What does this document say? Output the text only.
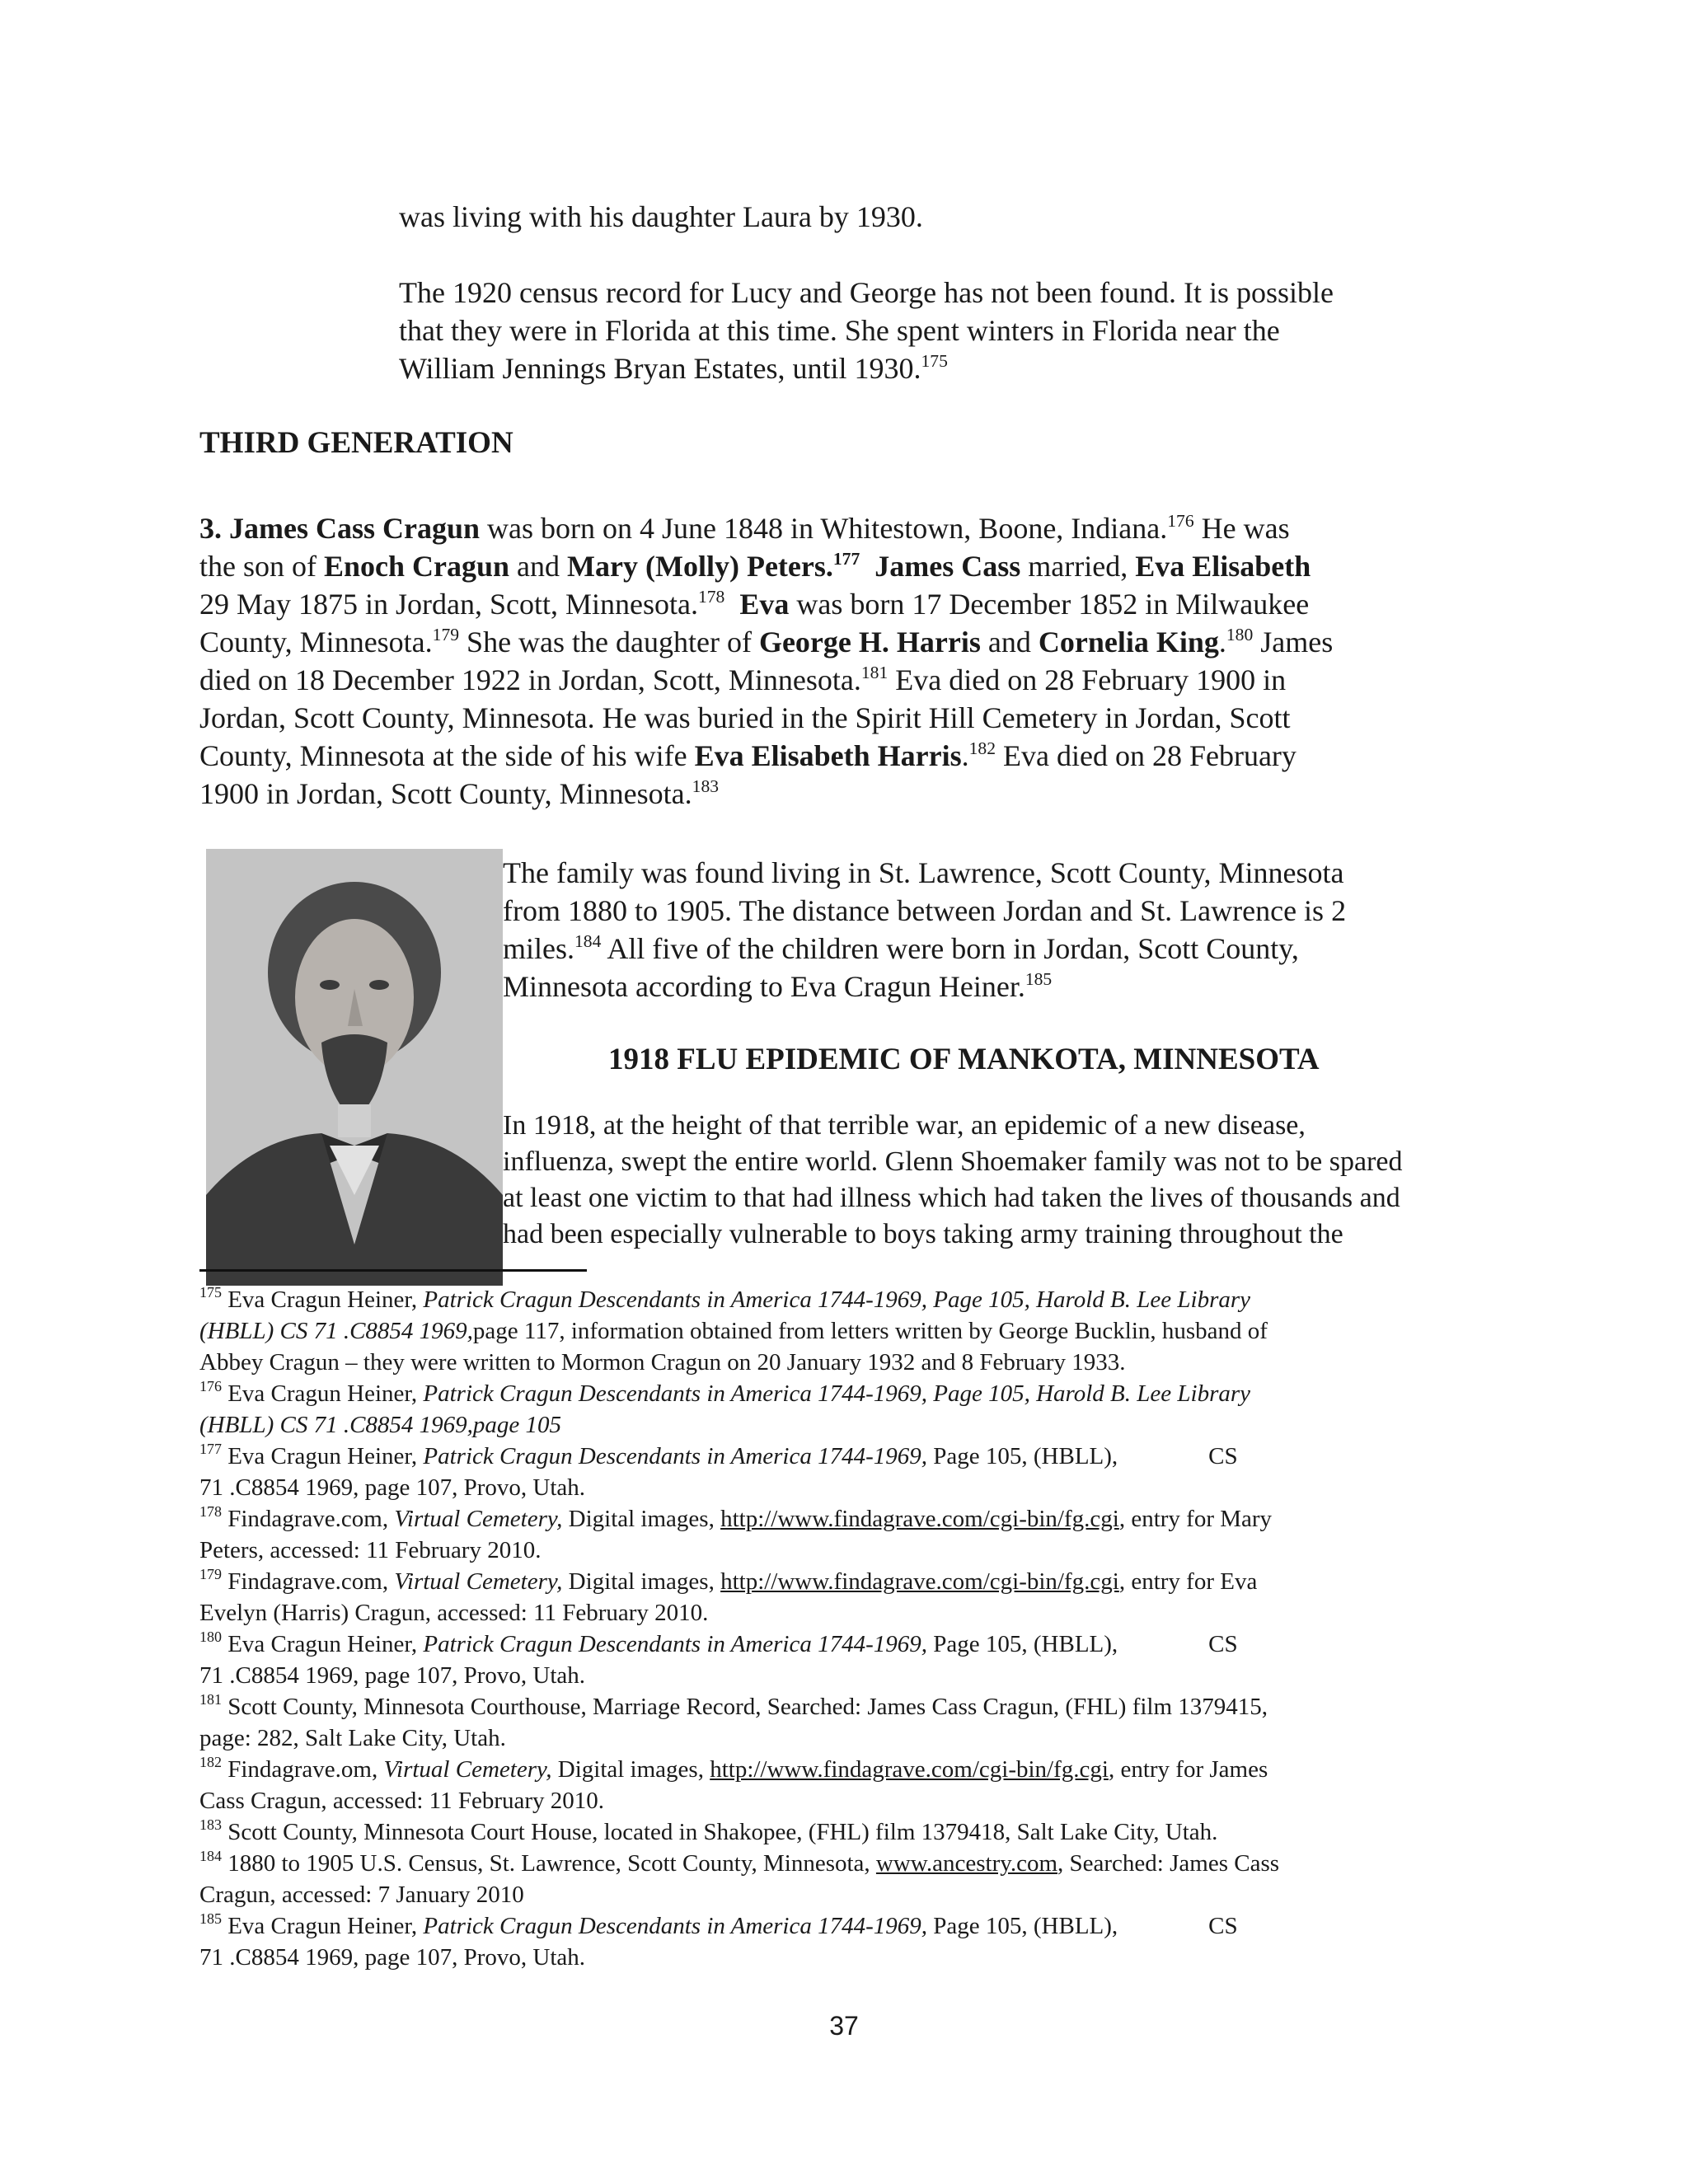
was living with his daughter Laura by 1930.
The 1920 census record for Lucy and George has not been found. It is possible
that they were in Florida at this time. She spent winters in Florida near the
William Jennings Bryan Estates, until 1930.$^{175}$
THIRD GENERATION
3. James Cass Cragun was born on 4 June 1848 in Whitestown, Boone, Indiana.$^{176}$ He was
the son of Enoch Cragun and Mary (Molly) Peters.$^{177}$ James Cass married, Eva Elisabeth
29 May 1875 in Jordan, Scott, Minnesota.$^{178}$ Eva was born 17 December 1852 in Milwaukee
County, Minnesota.$^{179}$ She was the daughter of George H. Harris and Cornelia King.$^{180}$ James
died on 18 December 1922 in Jordan, Scott, Minnesota.$^{181}$ Eva died on 28 February 1900 in
Jordan, Scott County, Minnesota. He was buried in the Spirit Hill Cemetery in Jordan, Scott
County, Minnesota at the side of his wife Eva Elisabeth Harris.$^{182}$ Eva died on 28 February
1900 in Jordan, Scott County, Minnesota.$^{183}$
The family was found living in St. Lawrence, Scott County, Minnesota
from 1880 to 1905. The distance between Jordan and St. Lawrence is 2
miles.$^{184}$ All five of the children were born in Jordan, Scott County,
Minnesota according to Eva Cragun Heiner.$^{185}$
1918 FLU EPIDEMIC OF MANKOTA, MINNESOTA
In 1918, at the height of that terrible war, an epidemic of a new disease,
influenza, swept the entire world. Glenn Shoemaker family was not to be spared
at least one victim to that had illness which had taken the lives of thousands and
had been especially vulnerable to boys taking army training throughout the
$^{175}$ Eva Cragun Heiner, Patrick Cragun Descendants in America 1744-1969, Page 105, Harold B. Lee Library
(HBLL) CS 71 .C8854 1969,page 117, information obtained from letters written by George Bucklin, husband of
Abbey Cragun – they were written to Mormon Cragun on 20 January 1932 and 8 February 1933.
$^{176}$ Eva Cragun Heiner, Patrick Cragun Descendants in America 1744-1969, Page 105, Harold B. Lee Library
(HBLL) CS 71 .C8854 1969,page 105
$^{177}$ Eva Cragun Heiner, Patrick Cragun Descendants in America 1744-1969, Page 105, (HBLL),	CS
71 .C8854 1969, page 107, Provo, Utah.
$^{178}$ Findagrave.com, Virtual Cemetery, Digital images, http://www.findagrave.com/cgi-bin/fg.cgi, entry for Mary
Peters, accessed: 11 February 2010.
$^{179}$ Findagrave.com, Virtual Cemetery, Digital images, http://www.findagrave.com/cgi-bin/fg.cgi, entry for Eva
Evelyn (Harris) Cragun, accessed: 11 February 2010.
$^{180}$ Eva Cragun Heiner, Patrick Cragun Descendants in America 1744-1969, Page 105, (HBLL),	CS
71 .C8854 1969, page 107, Provo, Utah.
$^{181}$ Scott County, Minnesota Courthouse, Marriage Record, Searched: James Cass Cragun, (FHL) film 1379415,
page: 282, Salt Lake City, Utah.
$^{182}$ Findagrave.om, Virtual Cemetery, Digital images, http://www.findagrave.com/cgi-bin/fg.cgi, entry for James
Cass Cragun, accessed: 11 February 2010.
$^{183}$ Scott County, Minnesota Court House, located in Shakopee, (FHL) film 1379418, Salt Lake City, Utah.
$^{184}$ 1880 to 1905 U.S. Census, St. Lawrence, Scott County, Minnesota, www.ancestry.com, Searched: James Cass
Cragun, accessed: 7 January 2010
$^{185}$ Eva Cragun Heiner, Patrick Cragun Descendants in America 1744-1969, Page 105, (HBLL),	CS
71 .C8854 1969, page 107, Provo, Utah.
37
